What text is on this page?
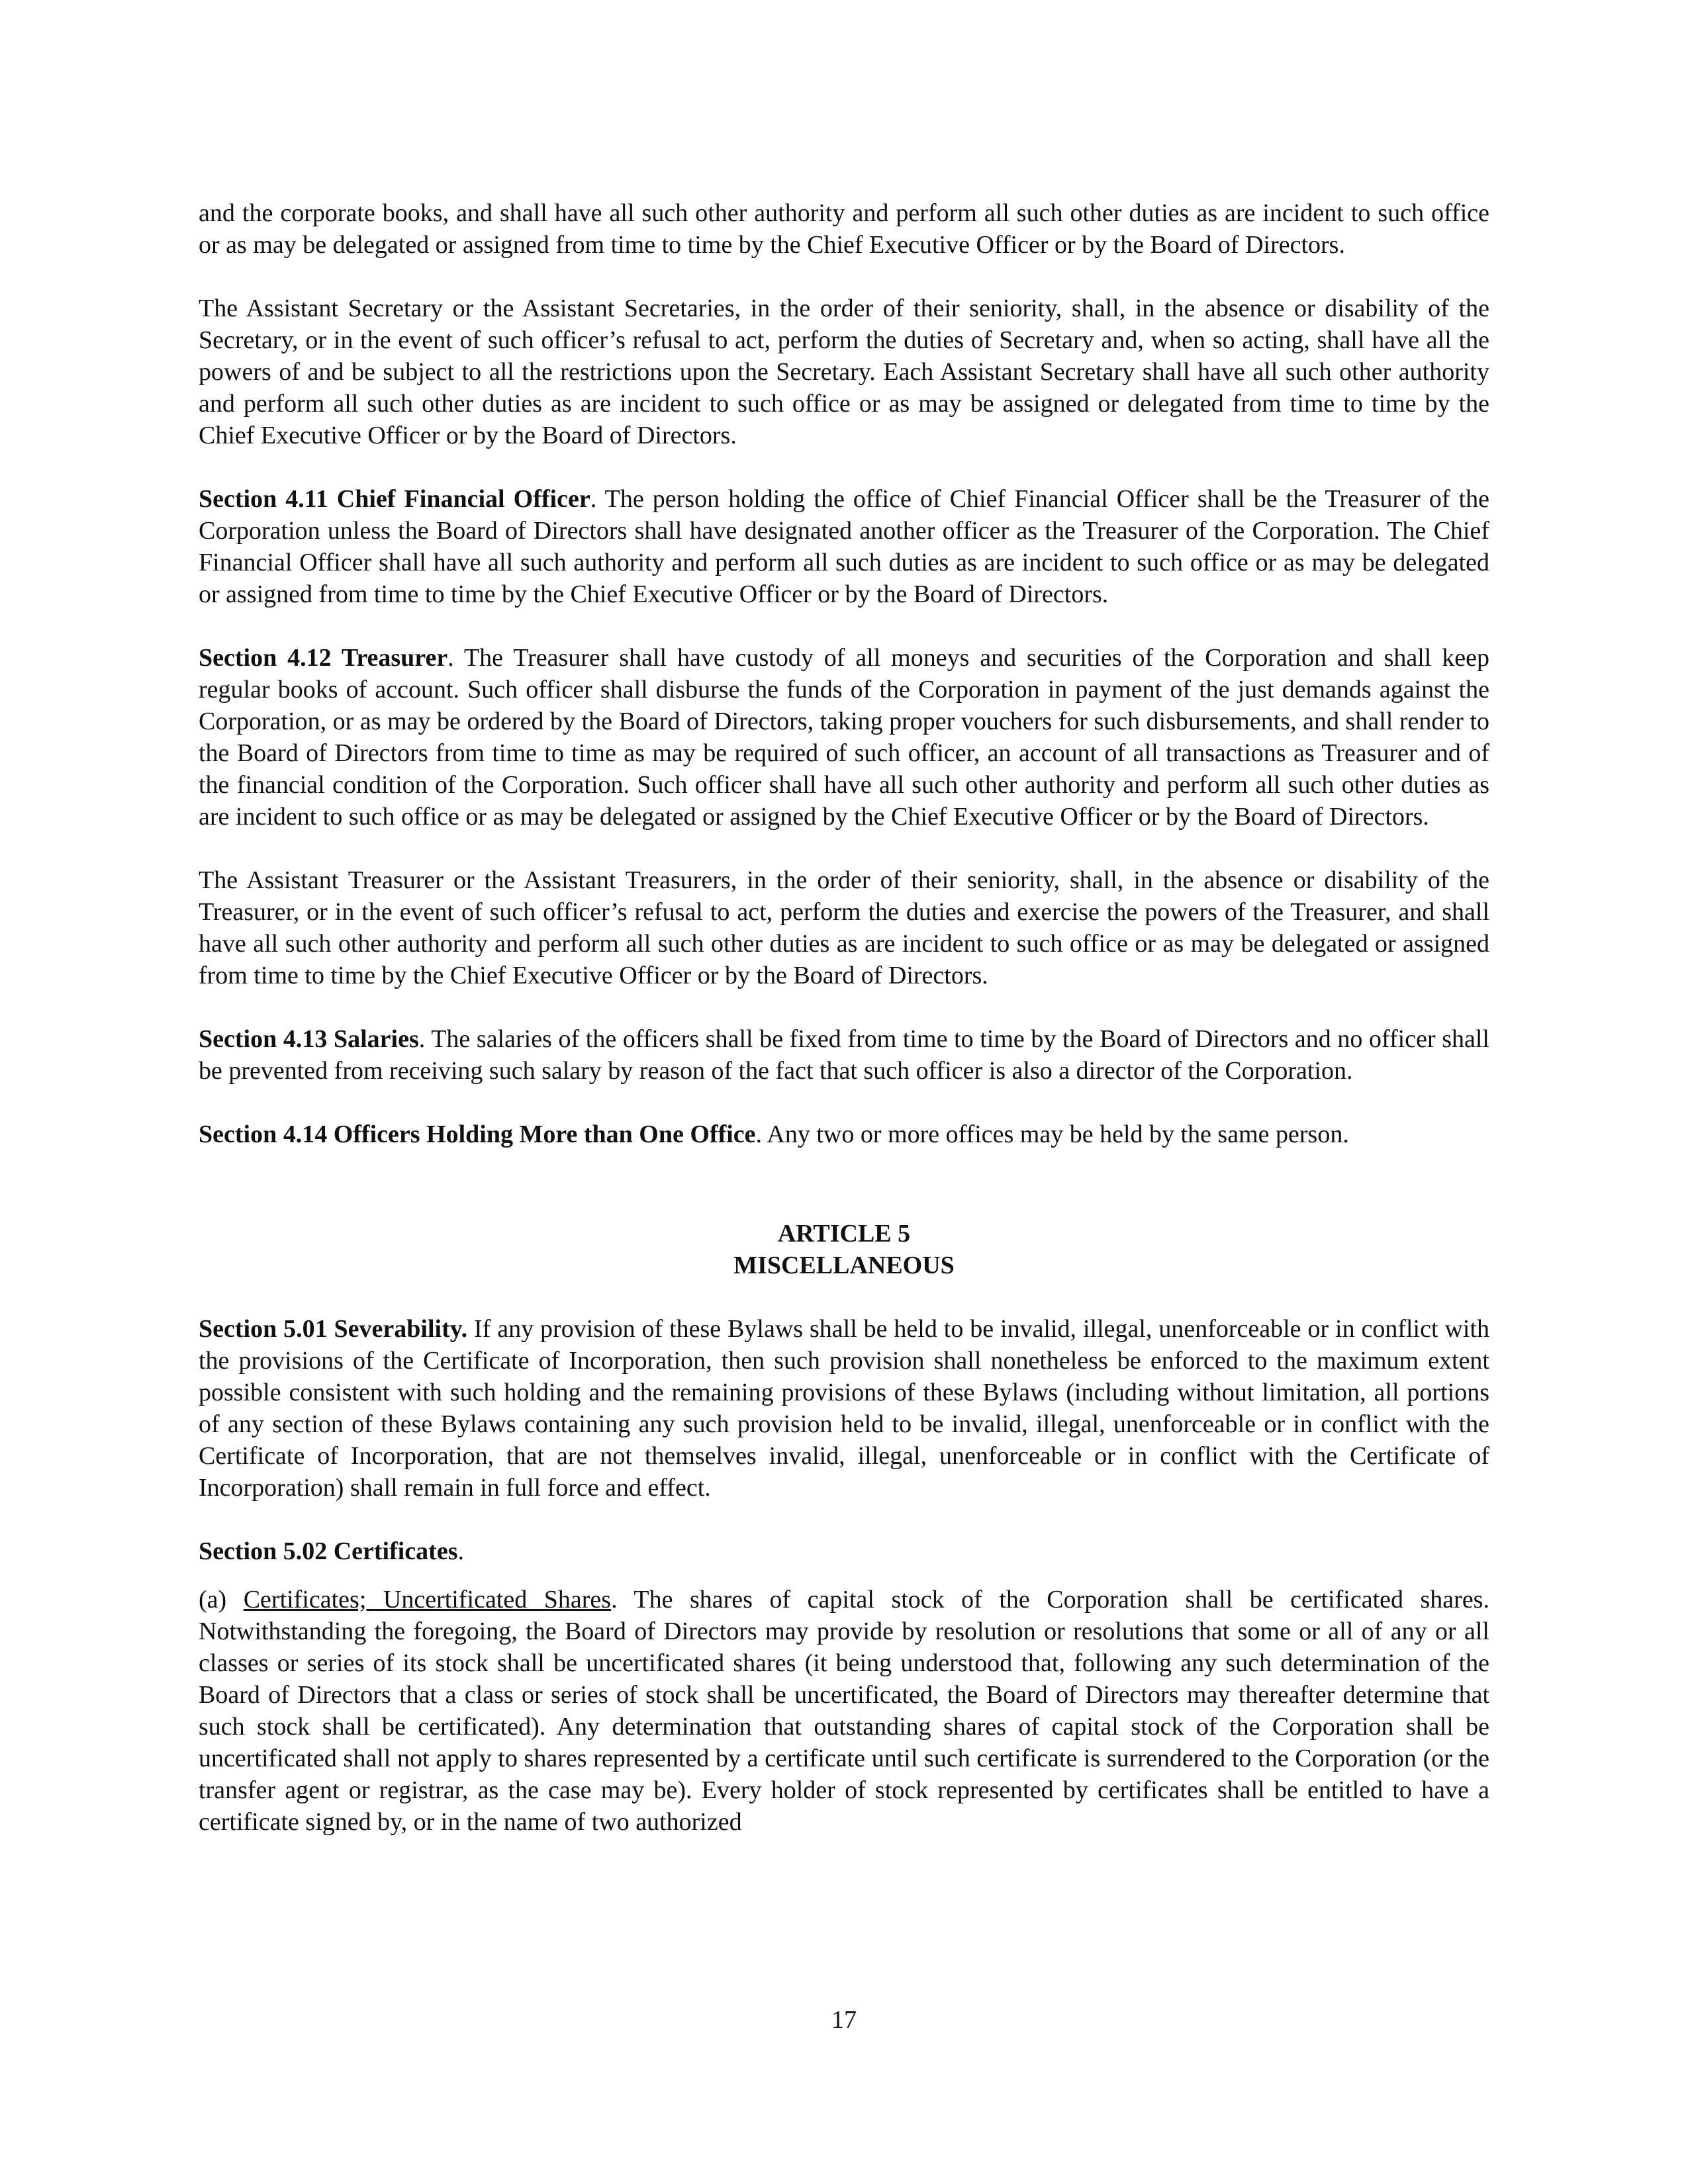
and the corporate books, and shall have all such other authority and perform all such other duties as are incident to such office or as may be delegated or assigned from time to time by the Chief Executive Officer or by the Board of Directors.

The Assistant Secretary or the Assistant Secretaries, in the order of their seniority, shall, in the absence or disability of the Secretary, or in the event of such officer’s refusal to act, perform the duties of Secretary and, when so acting, shall have all the powers of and be subject to all the restrictions upon the Secretary. Each Assistant Secretary shall have all such other authority and perform all such other duties as are incident to such office or as may be assigned or delegated from time to time by the Chief Executive Officer or by the Board of Directors.

Section 4.11 Chief Financial Officer. The person holding the office of Chief Financial Officer shall be the Treasurer of the Corporation unless the Board of Directors shall have designated another officer as the Treasurer of the Corporation. The Chief Financial Officer shall have all such authority and perform all such duties as are incident to such office or as may be delegated or assigned from time to time by the Chief Executive Officer or by the Board of Directors.

Section 4.12 Treasurer. The Treasurer shall have custody of all moneys and securities of the Corporation and shall keep regular books of account. Such officer shall disburse the funds of the Corporation in payment of the just demands against the Corporation, or as may be ordered by the Board of Directors, taking proper vouchers for such disbursements, and shall render to the Board of Directors from time to time as may be required of such officer, an account of all transactions as Treasurer and of the financial condition of the Corporation. Such officer shall have all such other authority and perform all such other duties as are incident to such office or as may be delegated or assigned by the Chief Executive Officer or by the Board of Directors.

The Assistant Treasurer or the Assistant Treasurers, in the order of their seniority, shall, in the absence or disability of the Treasurer, or in the event of such officer’s refusal to act, perform the duties and exercise the powers of the Treasurer, and shall have all such other authority and perform all such other duties as are incident to such office or as may be delegated or assigned from time to time by the Chief Executive Officer or by the Board of Directors.

Section 4.13 Salaries. The salaries of the officers shall be fixed from time to time by the Board of Directors and no officer shall be prevented from receiving such salary by reason of the fact that such officer is also a director of the Corporation.

Section 4.14 Officers Holding More than One Office. Any two or more offices may be held by the same person.

ARTICLE 5
MISCELLANEOUS

Section 5.01 Severability. If any provision of these Bylaws shall be held to be invalid, illegal, unenforceable or in conflict with the provisions of the Certificate of Incorporation, then such provision shall nonetheless be enforced to the maximum extent possible consistent with such holding and the remaining provisions of these Bylaws (including without limitation, all portions of any section of these Bylaws containing any such provision held to be invalid, illegal, unenforceable or in conflict with the Certificate of Incorporation, that are not themselves invalid, illegal, unenforceable or in conflict with the Certificate of Incorporation) shall remain in full force and effect.

Section 5.02 Certificates.

(a) Certificates; Uncertificated Shares. The shares of capital stock of the Corporation shall be certificated shares. Notwithstanding the foregoing, the Board of Directors may provide by resolution or resolutions that some or all of any or all classes or series of its stock shall be uncertificated shares (it being understood that, following any such determination of the Board of Directors that a class or series of stock shall be uncertificated, the Board of Directors may thereafter determine that such stock shall be certificated). Any determination that outstanding shares of capital stock of the Corporation shall be uncertificated shall not apply to shares represented by a certificate until such certificate is surrendered to the Corporation (or the transfer agent or registrar, as the case may be). Every holder of stock represented by certificates shall be entitled to have a certificate signed by, or in the name of two authorized

17
